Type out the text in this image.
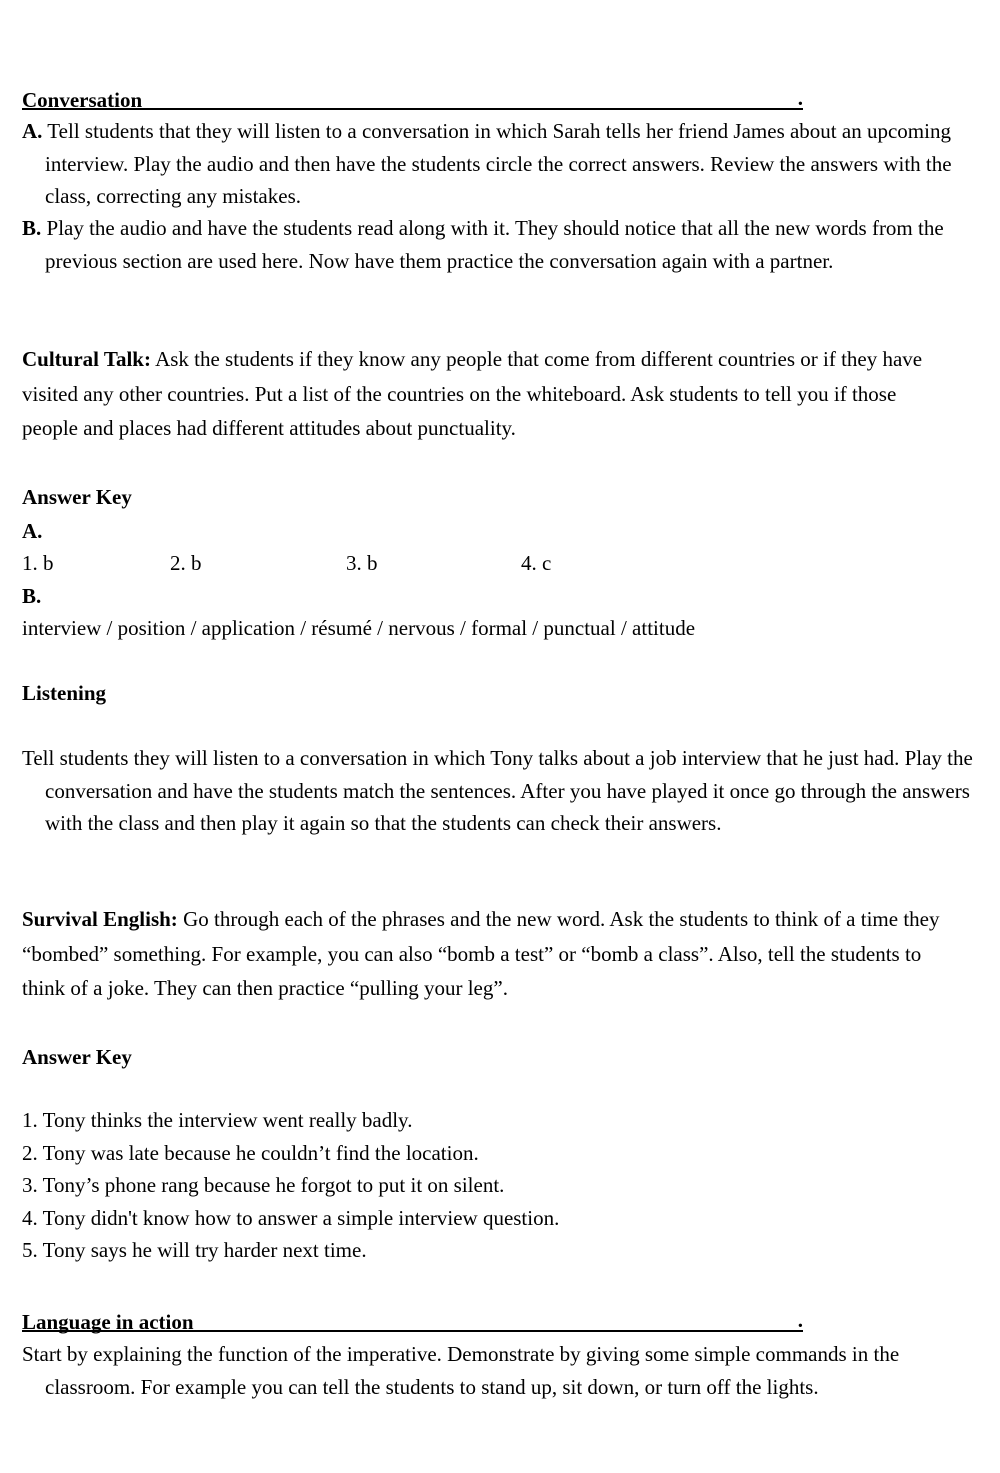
Conversation	.
A. Tell students that they will listen to a conversation in which Sarah tells her friend James about an upcoming interview. Play the audio and then have the students circle the correct answers. Review the answers with the class, correcting any mistakes.
B. Play the audio and have the students read along with it. They should notice that all the new words from the previous section are used here. Now have them practice the conversation again with a partner.
Cultural Talk: Ask the students if they know any people that come from different countries or if they have visited any other countries. Put a list of the countries on the whiteboard. Ask students to tell you if those people and places had different attitudes about punctuality.
Answer Key
A.
1. b	2. b	3. b	4. c
B.
interview / position / application / résumé / nervous / formal / punctual / attitude
Listening
Tell students they will listen to a conversation in which Tony talks about a job interview that he just had. Play the conversation and have the students match the sentences. After you have played it once go through the answers with the class and then play it again so that the students can check their answers.
Survival English: Go through each of the phrases and the new word. Ask the students to think of a time they “bombed” something. For example, you can also “bomb a test” or “bomb a class”. Also, tell the students to think of a joke. They can then practice “pulling your leg”.
Answer Key
1. Tony thinks the interview went really badly.
2. Tony was late because he couldn’t find the location.
3. Tony’s phone rang because he forgot to put it on silent.
4. Tony didn't know how to answer a simple interview question.
5. Tony says he will try harder next time.
Language in action	.
Start by explaining the function of the imperative. Demonstrate by giving some simple commands in the classroom. For example you can tell the students to stand up, sit down, or turn off the lights.
